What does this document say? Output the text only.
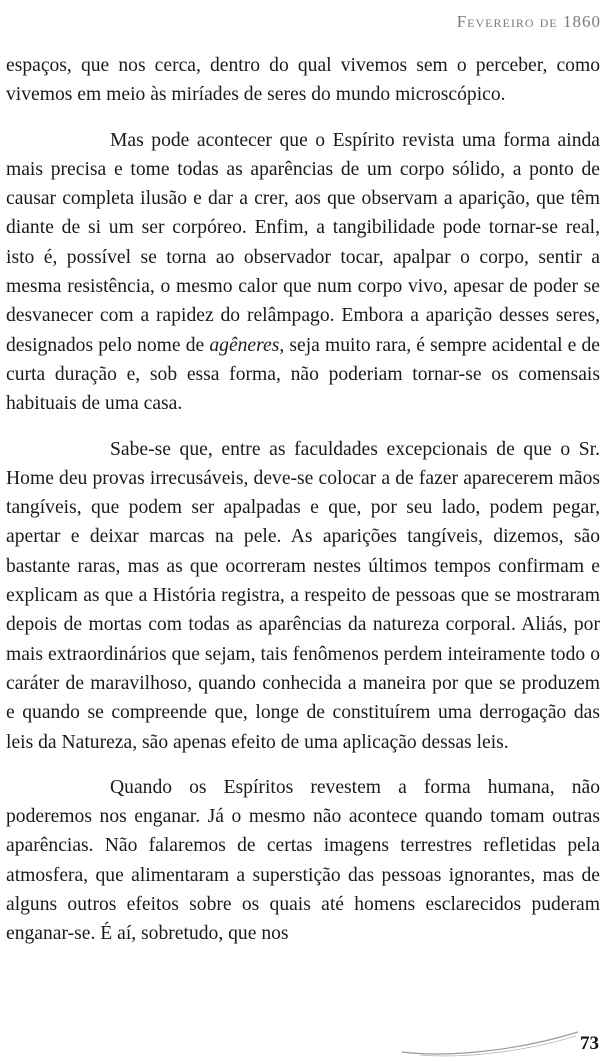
Fevereiro de 1860

espaços, que nos cerca, dentro do qual vivemos sem o perceber, como vivemos em meio às miríades de seres do mundo microscópico.

Mas pode acontecer que o Espírito revista uma forma ainda mais precisa e tome todas as aparências de um corpo sólido, a ponto de causar completa ilusão e dar a crer, aos que observam a aparição, que têm diante de si um ser corpóreo. Enfim, a tangibilidade pode tornar-se real, isto é, possível se torna ao observador tocar, apalpar o corpo, sentir a mesma resistência, o mesmo calor que num corpo vivo, apesar de poder se desvanecer com a rapidez do relâmpago. Embora a aparição desses seres, designados pelo nome de agêneres, seja muito rara, é sempre acidental e de curta duração e, sob essa forma, não poderiam tornar-se os comensais habituais de uma casa.

Sabe-se que, entre as faculdades excepcionais de que o Sr. Home deu provas irrecusáveis, deve-se colocar a de fazer aparecerem mãos tangíveis, que podem ser apalpadas e que, por seu lado, podem pegar, apertar e deixar marcas na pele. As aparições tangíveis, dizemos, são bastante raras, mas as que ocorreram nestes últimos tempos confirmam e explicam as que a História registra, a respeito de pessoas que se mostraram depois de mortas com todas as aparências da natureza corporal. Aliás, por mais extraordinários que sejam, tais fenômenos perdem inteiramente todo o caráter de maravilhoso, quando conhecida a maneira por que se produzem e quando se compreende que, longe de constituírem uma derrogação das leis da Natureza, são apenas efeito de uma aplicação dessas leis.

Quando os Espíritos revestem a forma humana, não poderemos nos enganar. Já o mesmo não acontece quando tomam outras aparências. Não falaremos de certas imagens terrestres refletidas pela atmosfera, que alimentaram a superstição das pessoas ignorantes, mas de alguns outros efeitos sobre os quais até homens esclarecidos puderam enganar-se. É aí, sobretudo, que nos

73
